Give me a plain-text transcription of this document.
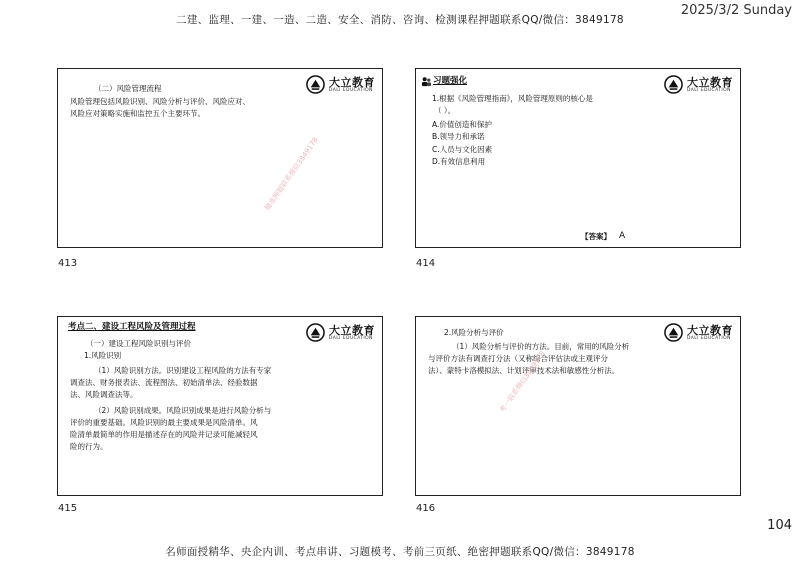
二建、监理、一建、一造、二造、安全、消防、咨询、检测课程押题联系QQ/微信：3849178
2025/3/2 Sunday
大立教育
DALI EDUCATION
（二）风险管理流程
风险管理包括风险识别、风险分析与评价、风险应对、
风险应对策略实施和监控五个主要环节。
精准押题联系微信3849178
413
大立教育
DALI EDUCATION
习题强化
1.根据《风险管理指南》，风险管理原则的核心是
（ ）。
A.价值创造和保护
B.领导力和承诺
C.人员与文化因素
D.有效信息利用
【答案】 A
414
大立教育
DALI EDUCATION
考点二、建设工程风险及管理过程
（一）建设工程风险识别与评价
1.风险识别
（1）风险识别方法。识别建设工程风险的方法有专家
调查法、财务报表法、流程图法、初始清单法、经验数据
法、风险调查法等。
（2）风险识别成果。风险识别成果是进行风险分析与
评价的重要基础。风险识别的最主要成果是风险清单。风
险清单最简单的作用是描述存在的风险并记录可能减轻风
险的行为。
415
大立教育
DALI EDUCATION
2.风险分析与评价
（1）风险分析与评价的方法。目前，常用的风险分析
与评价方法有调查打分法（又称综合评估法或主观评分
法）、蒙特卡洛模拟法、计划评审技术法和敏感性分析法。
考一联系微信3849178
416
104
名师面授精华、央企内训、考点串讲、习题模考、考前三页纸、绝密押题联系QQ/微信：3849178
